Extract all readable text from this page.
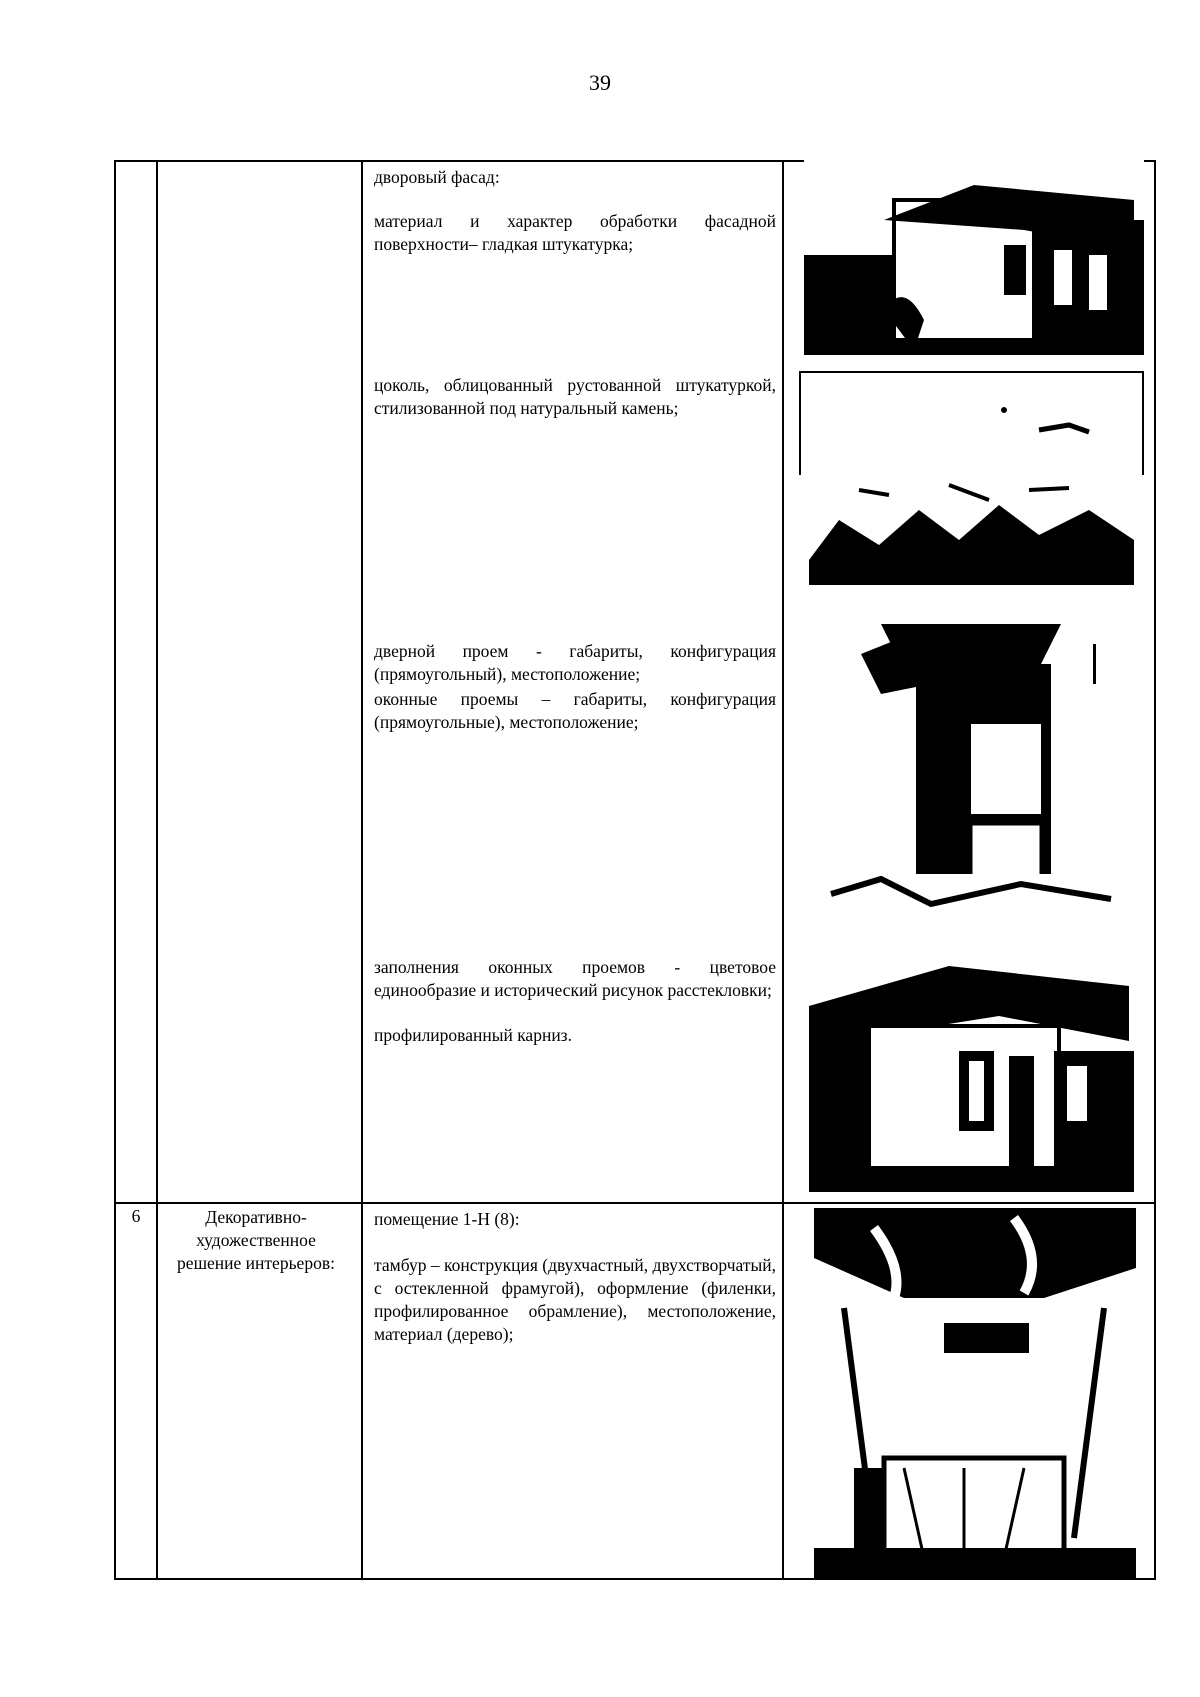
39
дворовый фасад:
материал и характер обработки фасадной поверхности– гладкая штукатурка;
цоколь, облицованный рустованной штукатуркой, стилизованной под натуральный камень;
дверной проем - габариты, конфигурация (прямоугольный), местоположение;
оконные проемы – габариты, конфигурация (прямоугольные), местоположение;
заполнения оконных проемов - цветовое единообразие и исторический рисунок расстекловки;
профилированный карниз.
6	Декоративно-художественное решение интерьеров:
помещение 1-Н (8):
тамбур – конструкция (двухчастный, двухстворчатый, с остекленной фрамугой), оформление (филенки, профилированное обрамление), местоположение, материал (дерево);
